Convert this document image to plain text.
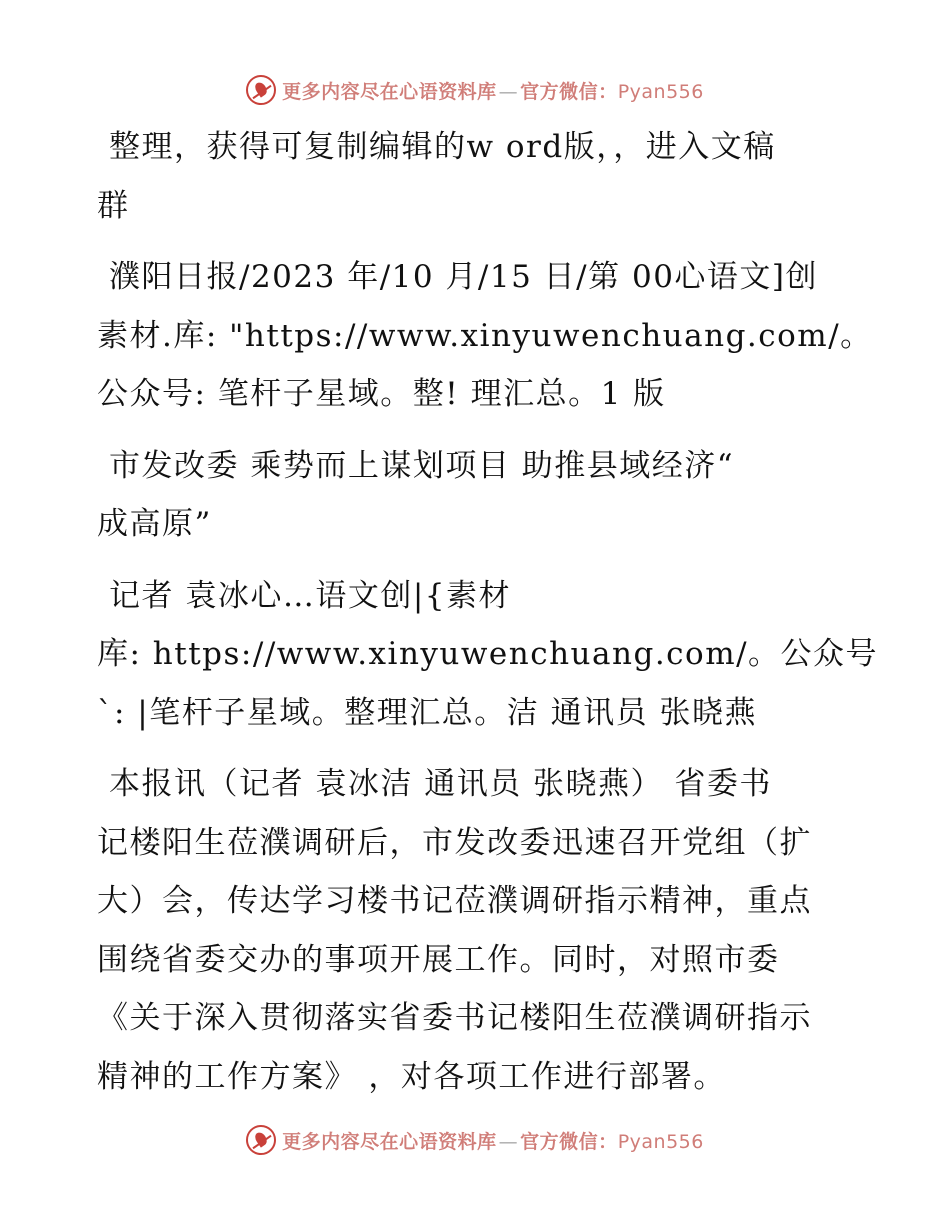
更多内容尽在心语资料库 — 官方微信：Pyan556

整理，获得可复制编辑的w ord版，，进入文稿
群

濮阳日报/2023 年/10 月/15 日/第 00心语文]创
素材.库: "https://www.xinyuwenchuang.com/。
公众号: 笔杆子星域。整! 理汇总。1 版

市发改委 乘势而上谋划项目 助推县域经济“
成高原”

记者 袁冰心…语文创|{素材
库: https://www.xinyuwenchuang.com/。公众号
`: |笔杆子星域。整理汇总。洁 通讯员 张晓燕

本报讯（记者 袁冰洁 通讯员 张晓燕） 省委书
记楼阳生莅濮调研后，市发改委迅速召开党组（扩
大）会，传达学习楼书记莅濮调研指示精神，重点
围绕省委交办的事项开展工作。同时，对照市委
《关于深入贯彻落实省委书记楼阳生莅濮调研指示
精神的工作方案》 ，对各项工作进行部署。

更多内容尽在心语资料库 — 官方微信：Pyan556
